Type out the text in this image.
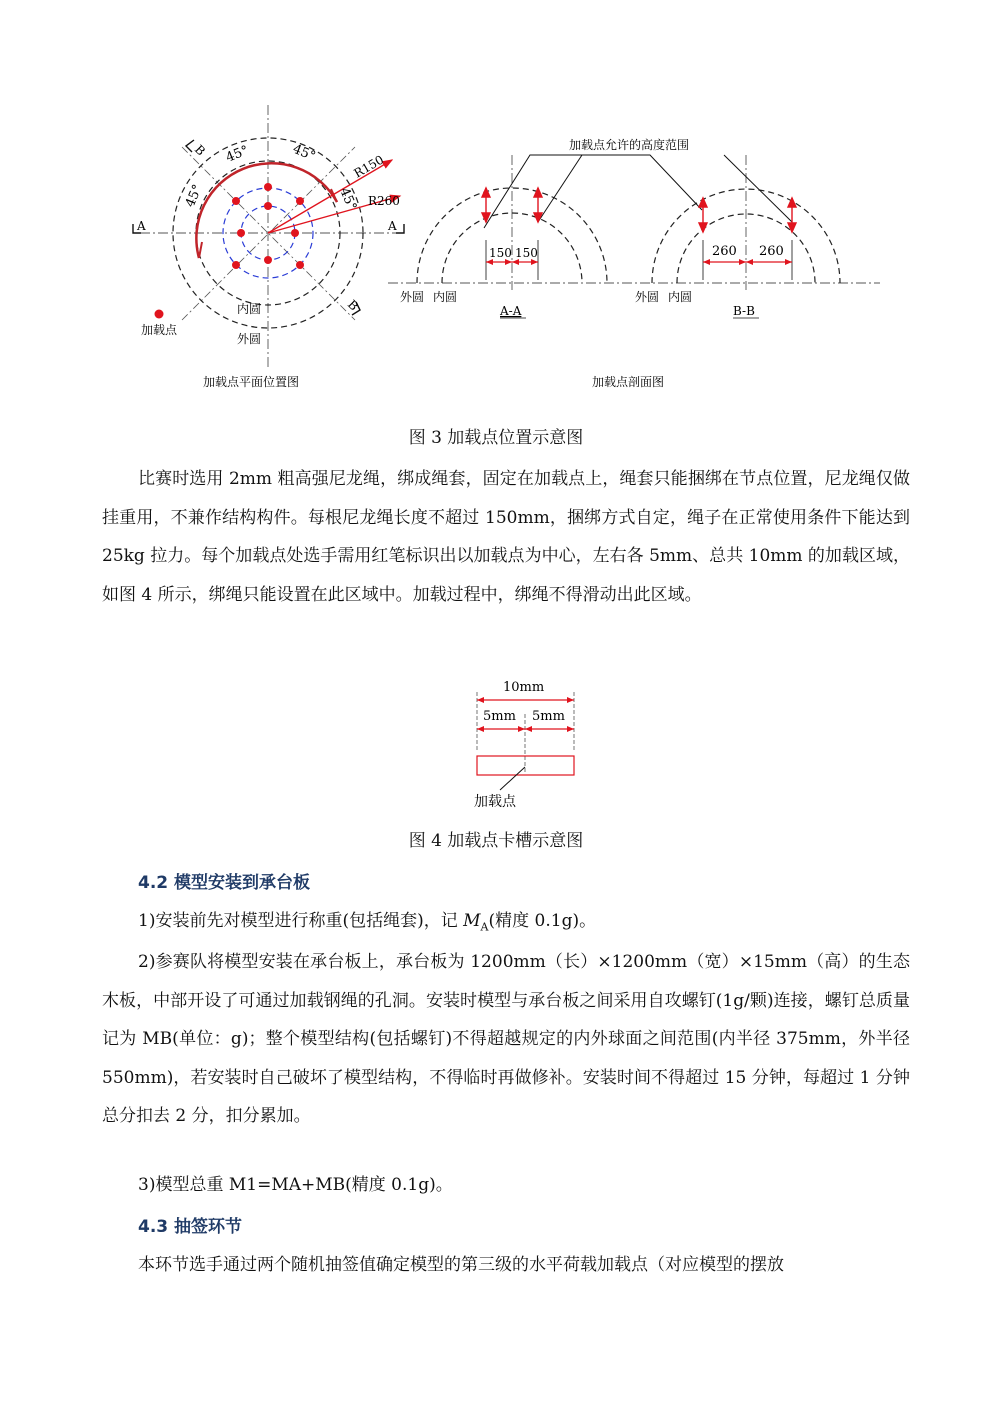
B
B
A	A
45°	45°
45°	45°
R150
R260
内圆
外圆
加载点
加载点平面位置图
加载点允许的高度范围
150 150	260 260
外圆 内圆	外圆 内圆
A-A	B-B
加载点剖面图

图 3 加载点位置示意图

比赛时选用 2mm 粗高强尼龙绳，绑成绳套，固定在加载点上，绳套只能捆绑在节点位置，尼龙绳仅做挂重用，不兼作结构构件。每根尼龙绳长度不超过 150mm，捆绑方式自定，绳子在正常使用条件下能达到 25kg 拉力。每个加载点处选手需用红笔标识出以加载点为中心，左右各 5mm、总共 10mm 的加载区域，如图 4 所示，绑绳只能设置在此区域中。加载过程中，绑绳不得滑动出此区域。

10mm
5mm 5mm
加载点

图 4 加载点卡槽示意图

4.2 模型安装到承台板

1)安装前先对模型进行称重(包括绳套)，记 $M_A$(精度 0.1g)。

2)参赛队将模型安装在承台板上，承台板为 1200mm（长）×1200mm（宽）×15mm（高）的生态木板，中部开设了可通过加载钢绳的孔洞。安装时模型与承台板之间采用自攻螺钉(1g/颗)连接，螺钉总质量记为 MB(单位：g)；整个模型结构(包括螺钉)不得超越规定的内外球面之间范围(内半径 375mm，外半径 550mm)，若安装时自己破坏了模型结构，不得临时再做修补。安装时间不得超过 15 分钟，每超过 1 分钟总分扣去 2 分，扣分累加。

3)模型总重 M1=MA+MB(精度 0.1g)。

4.3 抽签环节

本环节选手通过两个随机抽签值确定模型的第三级的水平荷载加载点（对应模型的摆放
